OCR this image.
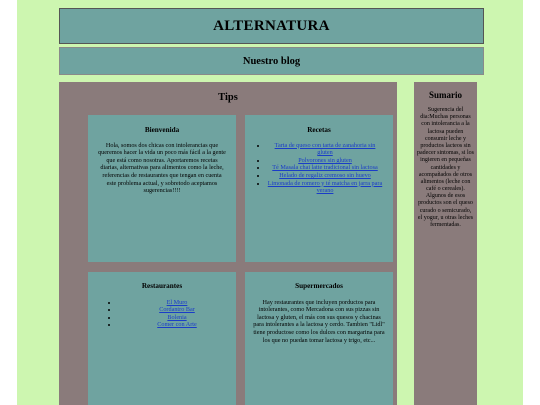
ALTERNATURA
Nuestro blog
Tips
Bienvenida

Hola, somos dos chicas con intolerancias que queremos hacer la vida un poco más fácil a la gente que está como nosotras. Aportaremos recetas diarias, alternativas para alimentos como la leche, referencias de restaurantes que tengan en cuenta este problema actual, y sobretodo aceptamos sugerencias!!!!

Recetas
• Tarta de queso con tarta de zanahoria sin gluten
• Polvorones sin gluten
• Té Masala chai latte tradicional sin lactosa
• Helado de regaliz cremoso sin huevo
• Limonada de romero y té matcha en jarra para verano
Restaurantes
• El Muro
• Cordantro Bar
• Bolenia
• Comer con Arte
Supermercados

Hay restaurantes que incluyen porductos para intolerantes, como Mercadona con sus pizzas sin lactosa y gluten, el más con sus quesos y chacinas para intolerantes a la lactosa y cerdo. Tambien "Lidl" tiene productose como los dulces con margarina para los que no puedan tomar lactosa y trigo, etc...

Sumario

Sugerencia del dia:Muchas personas con intolerancia a la lactosa pueden consumir leche y productos lacteos sin padecer sintomas, si los ingieren en pequeñas cantidades y acompañados de otros alimentos (leche con café o cereales). Algunos de esos productos son el queso curado o semicurado, el yogur, u otras leches fermentadas.
